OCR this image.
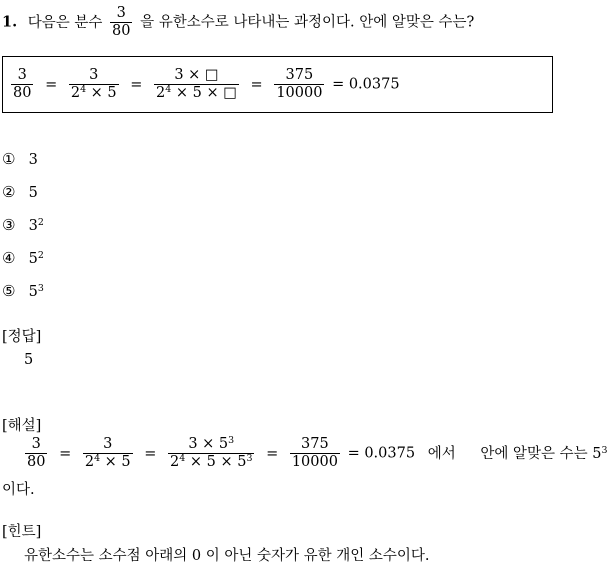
1. 다음은 분수 $\frac{3}{80}$ 을 유한소수로 나타내는 과정이다. 안에 알맞은 수는?
$\frac{3}{80} = \frac{3}{2^4 \times 5} = \frac{3 \times □}{2^4 \times 5 \times □} = \frac{375}{10000} = 0.0375$
① 3
② 5
③ $3^2$
④ $5^2$
⑤ $5^3$
[정답]
5
[해설]
$\frac{3}{80} = \frac{3}{2^4 \times 5} = \frac{3 \times 5^3}{2^4 \times 5 \times 5^3} = \frac{375}{10000} = 0.0375$ 에서 안에 알맞은 수는 $5^3$
이다.
[힌트]
유한소수는 소수점 아래의 0 이 아닌 숫자가 유한 개인 소수이다.
